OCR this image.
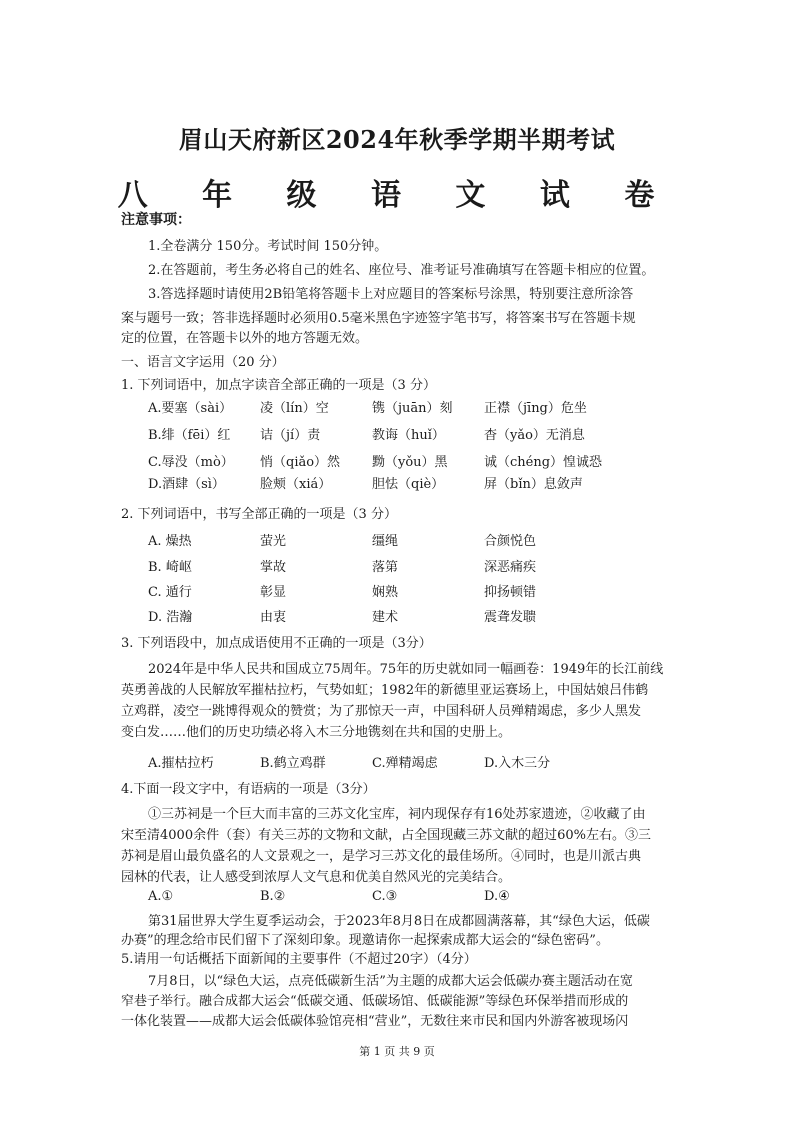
眉山天府新区2024年秋季学期半期考试
八 年 级 语 文 试 卷
注意事项：
1.全卷满分 150分。考试时间 150分钟。
2.在答题前，考生务必将自己的姓名、座位号、准考证号准确填写在答题卡相应的位置。
3.答选择题时请使用2B铅笔将答题卡上对应题目的答案标号涂黑，特别要注意所涂答
案与题号一致；答非选择题时必须用0.5毫米黑色字迹签字笔书写，将答案书写在答题卡规
定的位置，在答题卡以外的地方答题无效。
一、语言文字运用（20 分）
1. 下列词语中，加点字读音全部正确的一项是（3 分）
A.要塞（sài） 凌（lín）空	镌（juān）刻 正襟（jīng）危坐
B.绯（fēi）红 诘（jí）责	教诲（huǐ）	杳（yǎo）无消息
C.辱没（mò） 悄（qiǎo）然 黝（yǒu）黑	诚（chéng）惶诚恐
D.酒肆（sì）	脸颊（xiá）	胆怯（qiè）	屏（bǐn）息敛声
2. 下列词语中，书写全部正确的一项是（3 分）
A. 燥热	萤光	缰绳	合颜悦色
B. 崎岖	掌故	落第	深恶痛疾
C. 遁行	彰显	娴熟	抑扬顿错
D. 浩瀚	由衷	建术	震聋发聩
3. 下列语段中，加点成语使用不正确的一项是（3分）
2024年是中华人民共和国成立75周年。75年的历史就如同一幅画卷：1949年的长江前线
英勇善战的人民解放军摧枯拉朽，气势如虹；1982年的新德里亚运赛场上，中国姑娘吕伟鹤
立鸡群，凌空一跳博得观众的赞赏；为了那惊天一声，中国科研人员殚精竭虑，多少人黑发
变白发……他们的历史功绩必将入木三分地镌刻在共和国的史册上。
A.摧枯拉朽	B.鹤立鸡群	C.殚精竭虑	D.入木三分
4.下面一段文字中，有语病的一项是（3分）
①三苏祠是一个巨大而丰富的三苏文化宝库，祠内现保存有16处苏家遗迹，②收藏了由
宋至清4000余件（套）有关三苏的文物和文献，占全国现藏三苏文献的超过60%左右。③三
苏祠是眉山最负盛名的人文景观之一，是学习三苏文化的最佳场所。④同时，也是川派古典
园林的代表，让人感受到浓厚人文气息和优美自然风光的完美结合。
A.①	B.②	C.③	D.④
第31届世界大学生夏季运动会，于2023年8月8日在成都圆满落幕，其“绿色大运，低碳
办赛”的理念给市民们留下了深刻印象。现邀请你一起探索成都大运会的“绿色密码”。
5.请用一句话概括下面新闻的主要事件（不超过20字）（4分）
7月8日，以“绿色大运，点亮低碳新生活”为主题的成都大运会低碳办赛主题活动在宽
窄巷子举行。融合成都大运会“低碳交通、低碳场馆、低碳能源”等绿色环保举措而形成的
一体化装置——成都大运会低碳体验馆亮相“营业”，无数往来市民和国内外游客被现场闪
第 1 页 共 9 页
